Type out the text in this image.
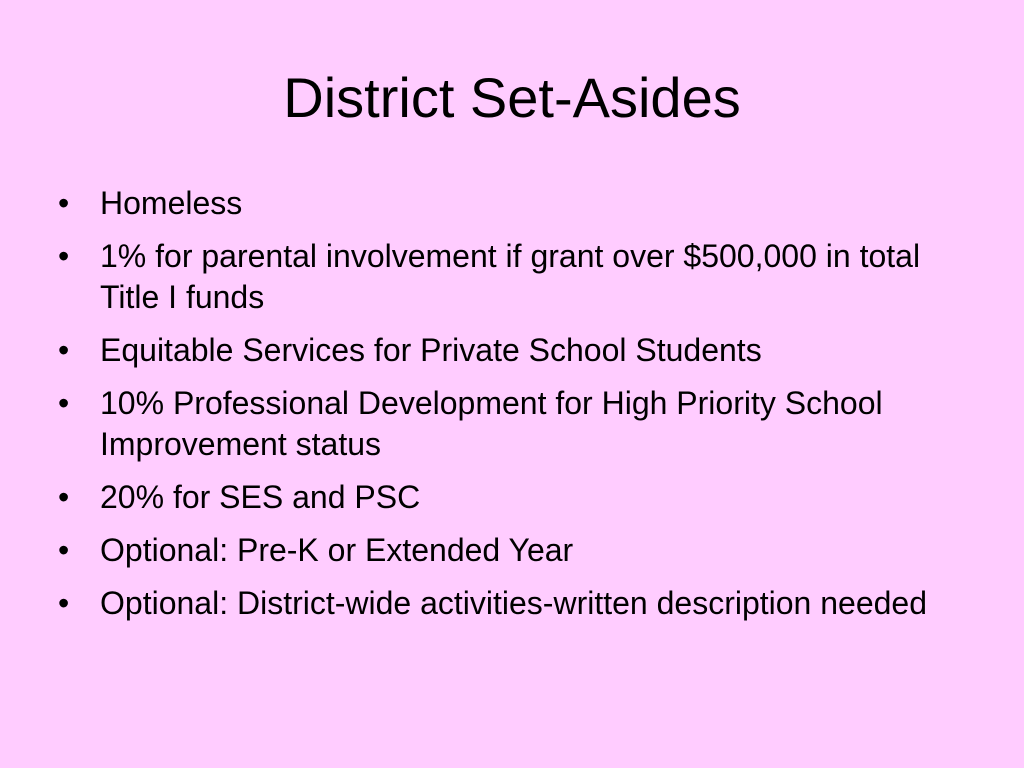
District Set-Asides
• Homeless
• 1% for parental involvement if grant over $500,000 in total Title I funds
• Equitable Services for Private School Students
• 10% Professional Development for High Priority School Improvement status
• 20% for SES and PSC
• Optional: Pre-K or Extended Year
• Optional: District-wide activities-written description needed
